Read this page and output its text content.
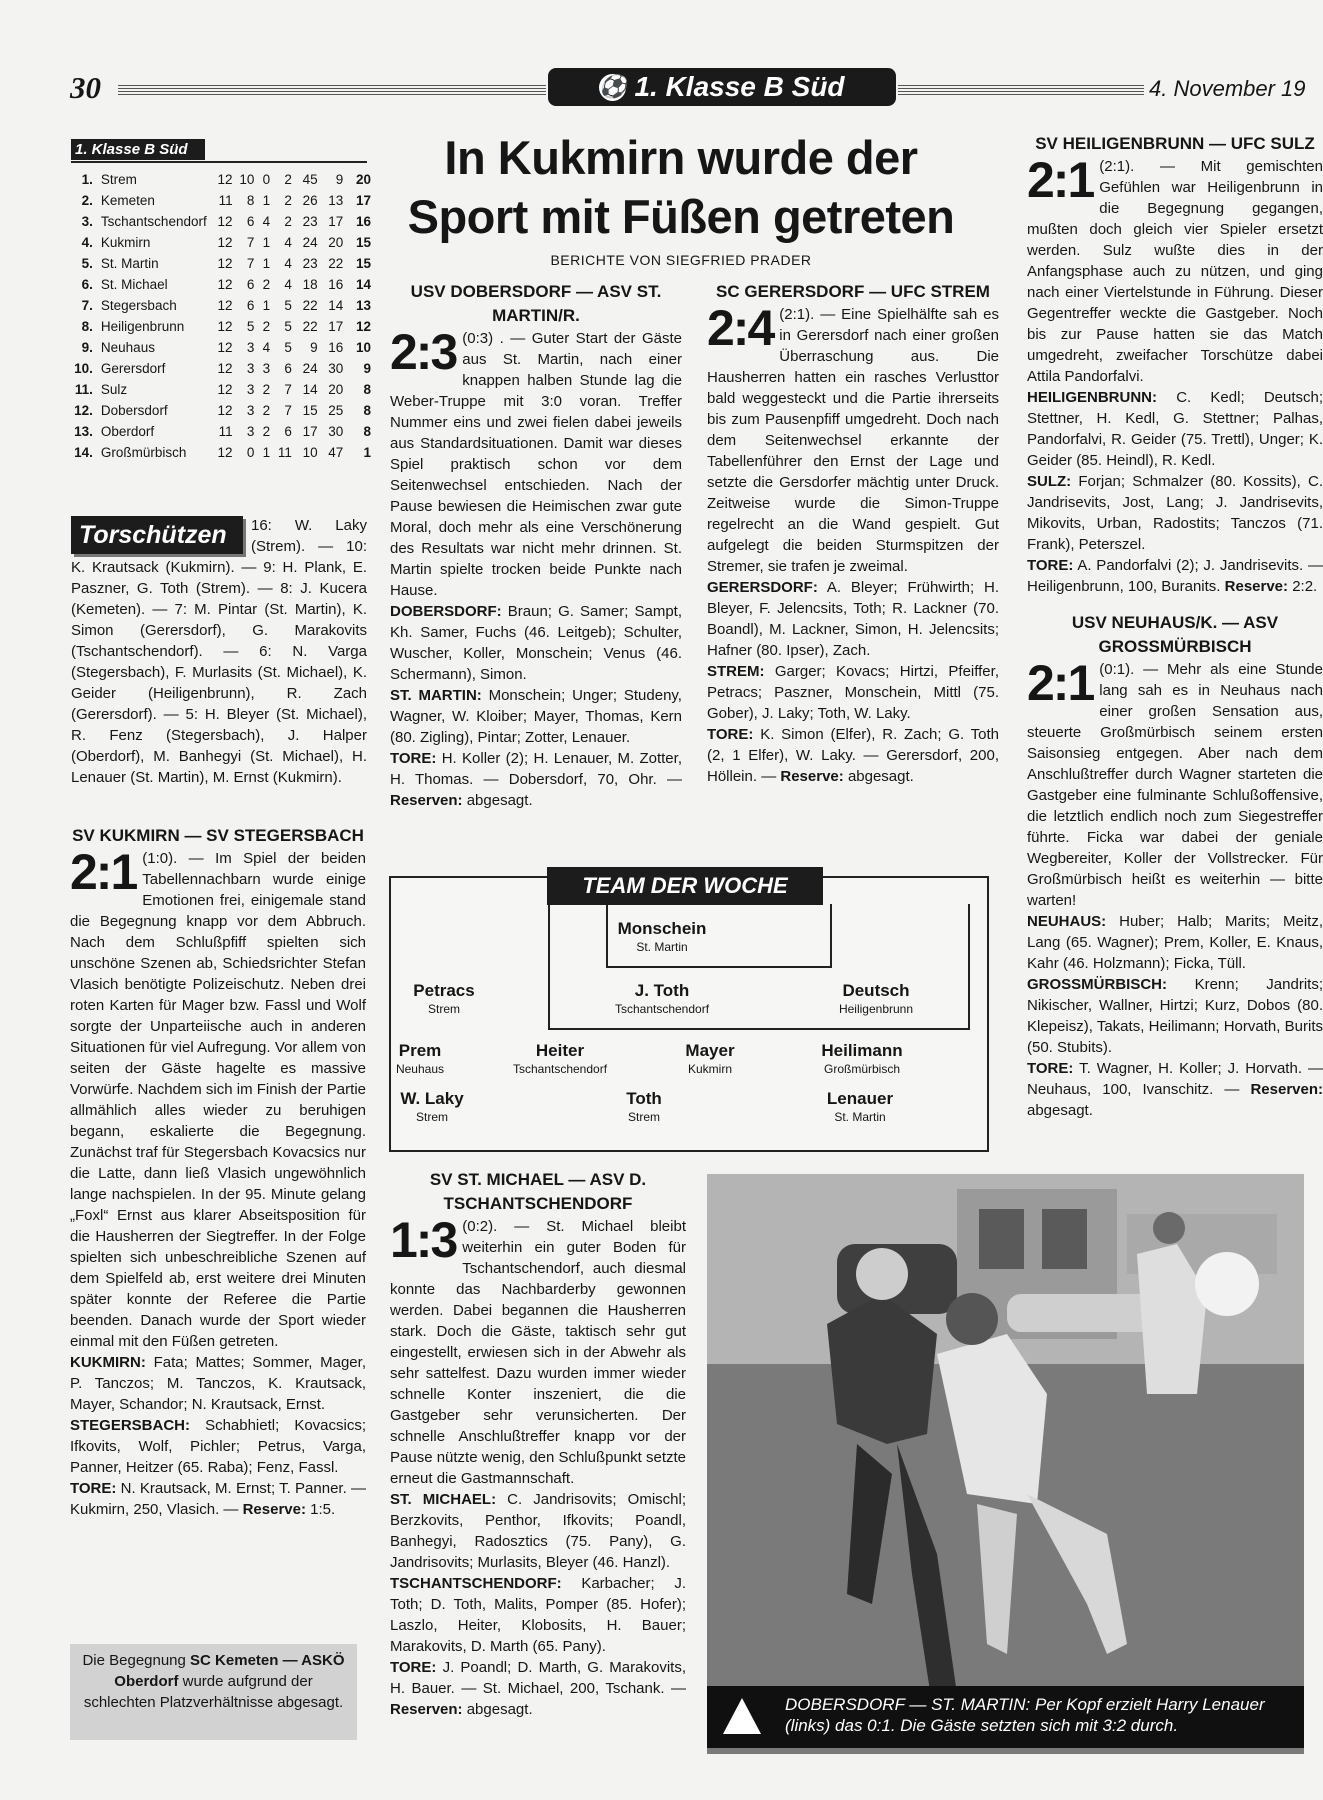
30	⚽ 1. Klasse B Süd	4. November 19
1. Klasse B Süd
1.	Strem	12	10	0	2	45	9	20
2.	Kemeten	11	8	1	2	26	13	17
3.	Tschantschendorf	12	6	4	2	23	17	16
4.	Kukmirn	12	7	1	4	24	20	15
5.	St. Martin	12	7	1	4	23	22	15
6.	St. Michael	12	6	2	4	18	16	14
7.	Stegersbach	12	6	1	5	22	14	13
8.	Heiligenbrunn	12	5	2	5	22	17	12
9.	Neuhaus	12	3	4	5	9	16	10
10.	Gerersdorf	12	3	3	6	24	30	9
11.	Sulz	12	3	2	7	14	20	8
12.	Dobersdorf	12	3	2	7	15	25	8
13.	Oberdorf	11	3	2	6	17	30	8
14.	Großmürbisch	12	0	1	11	10	47	1
Torschützen	16: W. Laky (Strem). — 10: K. Krautsack (Kukmirn). — 9: H. Plank, E. Paszner, G. Toth (Strem). — 8: J. Kucera (Kemeten). — 7: M. Pintar (St. Martin), K. Simon (Gerersdorf), G. Marakovits (Tschantschendorf). — 6: N. Varga (Stegersbach), F. Murlasits (St. Michael), K. Geider (Heiligenbrunn), R. Zach (Gerersdorf). — 5: H. Bleyer (St. Michael), R. Fenz (Stegersbach), J. Halper (Oberdorf), M. Banhegyi (St. Michael), H. Lenauer (St. Martin), M. Ernst (Kukmirn).
SV KUKMIRN — SV STEGERSBACH
2:1 (1:0). — Im Spiel der beiden Tabellennachbarn wurde einige Emotionen frei, einigemale stand die Begegnung knapp vor dem Abbruch. Nach dem Schlußpfiff spielten sich unschöne Szenen ab, Schiedsrichter Stefan Vlasich benötigte Polizeischutz. Neben drei roten Karten für Mager bzw. Fassl und Wolf sorgte der Unparteiische auch in anderen Situationen für viel Aufregung. Vor allem von seiten der Gäste hagelte es massive Vorwürfe. Nachdem sich im Finish der Partie allmählich alles wieder zu beruhigen begann, eskalierte die Begegnung. Zunächst traf für Stegersbach Kovacsics nur die Latte, dann ließ Vlasich ungewöhnlich lange nachspielen. In der 95. Minute gelang „Foxl“ Ernst aus klarer Abseitsposition für die Hausherren der Siegtreffer. In der Folge spielten sich unbeschreibliche Szenen auf dem Spielfeld ab, erst weitere drei Minuten später konnte der Referee die Partie beenden. Danach wurde der Sport wieder einmal mit den Füßen getreten.
KUKMIRN: Fata; Mattes; Sommer, Mager, P. Tanczos; M. Tanczos, K. Krautsack, Mayer, Schandor; N. Krautsack, Ernst.
STEGERSBACH: Schabhietl; Kovacsics; Ifkovits, Wolf, Pichler; Petrus, Varga, Panner, Heitzer (65. Raba); Fenz, Fassl.
TORE: N. Krautsack, M. Ernst; T. Panner. — Kukmirn, 250, Vlasich. — Reserve: 1:5.
Die Begegnung SC Kemeten — ASKÖ Oberdorf wurde aufgrund der schlechten Platzverhältnisse abgesagt.
In Kukmirn wurde der Sport mit Füßen getreten
BERICHTE VON SIEGFRIED PRADER
USV DOBERSDORF — ASV ST. MARTIN/R.
2:3 (0:3) . — Guter Start der Gäste aus St. Martin, nach einer knappen halben Stunde lag die Weber-Truppe mit 3:0 voran. Treffer Nummer eins und zwei fielen dabei jeweils aus Standardsituationen. Damit war dieses Spiel praktisch schon vor dem Seitenwechsel entschieden. Nach der Pause bewiesen die Heimischen zwar gute Moral, doch mehr als eine Verschönerung des Resultats war nicht mehr drinnen. St. Martin spielte trocken beide Punkte nach Hause.
DOBERSDORF: Braun; G. Samer; Sampt, Kh. Samer, Fuchs (46. Leitgeb); Schulter, Wuscher, Koller, Monschein; Venus (46. Schermann), Simon.
ST. MARTIN: Monschein; Unger; Studeny, Wagner, W. Kloiber; Mayer, Thomas, Kern (80. Zigling), Pintar; Zotter, Lenauer.
TORE: H. Koller (2); H. Lenauer, M. Zotter, H. Thomas. — Dobersdorf, 70, Ohr. — Reserven: abgesagt.
SC GERERSDORF — UFC STREM
2:4 (2:1). — Eine Spielhälfte sah es in Gerersdorf nach einer großen Überraschung aus. Die Hausherren hatten ein rasches Verlusttor bald weggesteckt und die Partie ihrerseits bis zum Pausenpfiff umgedreht. Doch nach dem Seitenwechsel erkannte der Tabellenführer den Ernst der Lage und setzte die Gersdorfer mächtig unter Druck. Zeitweise wurde die Simon-Truppe regelrecht an die Wand gespielt. Gut aufgelegt die beiden Sturmspitzen der Stremer, sie trafen je zweimal.
GERERSDORF: A. Bleyer; Frühwirth; H. Bleyer, F. Jelencsits, Toth; R. Lackner (70. Boandl), M. Lackner, Simon, H. Jelencsits; Hafner (80. Ipser), Zach.
STREM: Garger; Kovacs; Hirtzi, Pfeiffer, Petracs; Paszner, Monschein, Mittl (75. Gober), J. Laky; Toth, W. Laky.
TORE: K. Simon (Elfer), R. Zach; G. Toth (2, 1 Elfer), W. Laky. — Gerersdorf, 200, Höllein. — Reserve: abgesagt.
TEAM DER WOCHE
Monschein
St. Martin
Petracs
Strem
J. Toth
Tschantschendorf
Deutsch
Heiligenbrunn
Prem
Neuhaus
Heiter
Tschantschendorf
Mayer
Kukmirn
Heilimann
Großmürbisch
W. Laky
Strem
Toth
Strem
Lenauer
St. Martin
SV ST. MICHAEL — ASV D. TSCHANTSCHENDORF
1:3 (0:2). — St. Michael bleibt weiterhin ein guter Boden für Tschantschendorf, auch diesmal konnte das Nachbarderby gewonnen werden. Dabei begannen die Hausherren stark. Doch die Gäste, taktisch sehr gut eingestellt, erwiesen sich in der Abwehr als sehr sattelfest. Dazu wurden immer wieder schnelle Konter inszeniert, die die Gastgeber sehr verunsicherten. Der schnelle Anschlußtreffer knapp vor der Pause nützte wenig, den Schlußpunkt setzte erneut die Gastmannschaft.
ST. MICHAEL: C. Jandrisovits; Omischl; Berzkovits, Penthor, Ifkovits; Poandl, Banhegyi, Radosztics (75. Pany), G. Jandrisovits; Murlasits, Bleyer (46. Hanzl).
TSCHANTSCHENDORF: Karbacher; J. Toth; D. Toth, Malits, Pomper (85. Hofer); Laszlo, Heiter, Klobosits, H. Bauer; Marakovits, D. Marth (65. Pany).
TORE: J. Poandl; D. Marth, G. Marakovits, H. Bauer. — St. Michael, 200, Tschank. — Reserven: abgesagt.
SV HEILIGENBRUNN — UFC SULZ
2:1 (2:1). — Mit gemischten Gefühlen war Heiligenbrunn in die Begegnung gegangen, mußten doch gleich vier Spieler ersetzt werden. Sulz wußte dies in der Anfangsphase auch zu nützen, und ging nach einer Viertelstunde in Führung. Dieser Gegentreffer weckte die Gastgeber. Noch bis zur Pause hatten sie das Match umgedreht, zweifacher Torschütze dabei Attila Pandorfalvi.
HEILIGENBRUNN: C. Kedl; Deutsch; Stettner, H. Kedl, G. Stettner; Palhas, Pandorfalvi, R. Geider (75. Trettl), Unger; K. Geider (85. Heindl), R. Kedl.
SULZ: Forjan; Schmalzer (80. Kossits), C. Jandrisevits, Jost, Lang; J. Jandrisevits, Mikovits, Urban, Radostits; Tanczos (71. Frank), Peterszel.
TORE: A. Pandorfalvi (2); J. Jandrisevits. — Heiligenbrunn, 100, Buranits. Reserve: 2:2.
USV NEUHAUS/K. — ASV GROSSMÜRBISCH
2:1 (0:1). — Mehr als eine Stunde lang sah es in Neuhaus nach einer großen Sensation aus, steuerte Großmürbisch seinem ersten Saisonsieg entgegen. Aber nach dem Anschlußtreffer durch Wagner starteten die Gastgeber eine fulminante Schlußoffensive, die letztlich endlich noch zum Siegestreffer führte. Ficka war dabei der geniale Wegbereiter, Koller der Vollstrecker. Für Großmürbisch heißt es weiterhin — bitte warten!
NEUHAUS: Huber; Halb; Marits; Meitz, Lang (65. Wagner); Prem, Koller, E. Knaus, Kahr (46. Holzmann); Ficka, Tüll.
GROSSMÜRBISCH: Krenn; Jandrits; Nikischer, Wallner, Hirtzi; Kurz, Dobos (80. Klepeisz), Takats, Heilimann; Horvath, Burits (50. Stubits).
TORE: T. Wagner, H. Koller; J. Horvath. — Neuhaus, 100, Ivanschitz. — Reserven: abgesagt.
DOBERSDORF — ST. MARTIN: Per Kopf erzielt Harry Lenauer (links) das 0:1. Die Gäste setzten sich mit 3:2 durch.
